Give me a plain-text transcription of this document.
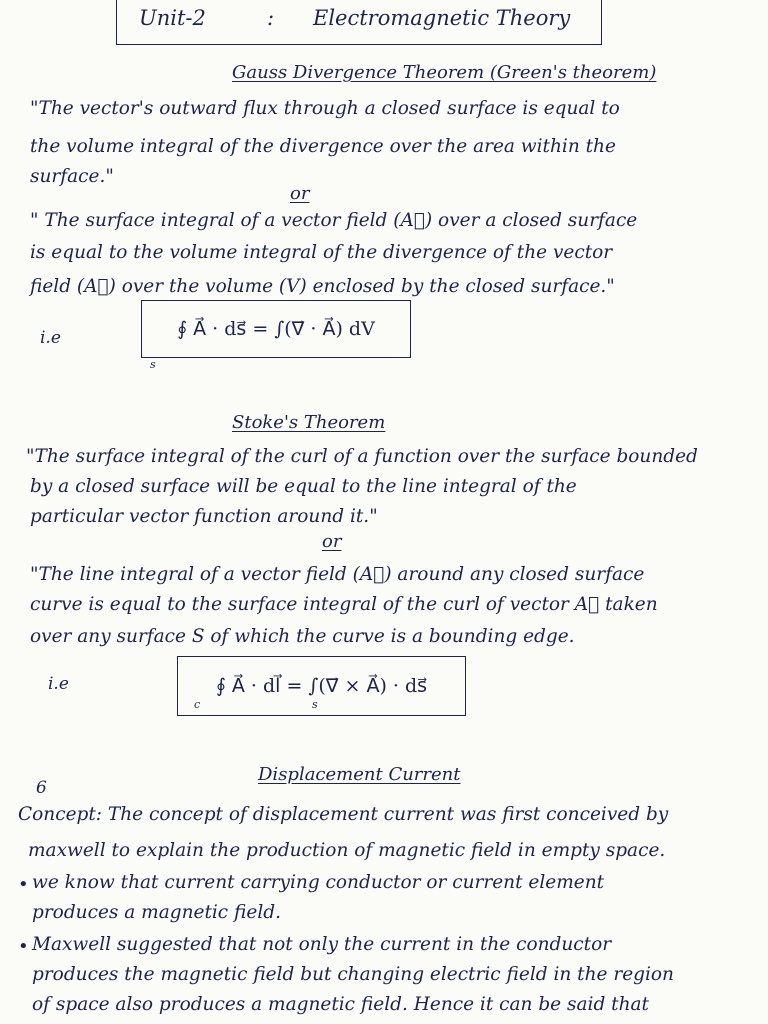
Unit-2	: Electromagnetic Theory
Gauss Divergence Theorem (Green's theorem)
"The vector's outward flux through a closed surface is equal to
the volume integral of the divergence over the area within the
surface."
or
" The surface integral of a vector field (A⃗) over a closed surface
is equal to the volume integral of the divergence of the vector
field (A⃗) over the volume (V) enclosed by the closed surface."
i.e	∮ A⃗ · ds⃗ = ∫(∇⃗ · A⃗) dV
s
Stoke's Theorem
"The surface integral of the curl of a function over the surface bounded
by a closed surface will be equal to the line integral of the
particular vector function around it."
or
"The line integral of a vector field (A⃗) around any closed surface
curve is equal to the surface integral of the curl of vector A⃗ taken
over any surface S of which the curve is a bounding edge.
i.e	∮ A⃗ · dl⃗ = ∫(∇⃗ × A⃗) · ds⃗
c	s
6
Displacement Current
Concept: The concept of displacement current was first conceived by
maxwell to explain the production of magnetic field in empty space.
• we know that current carrying conductor or current element
produces a magnetic field.
• Maxwell suggested that not only the current in the conductor
produces the magnetic field but changing electric field in the region
of space also produces a magnetic field. Hence it can be said that
